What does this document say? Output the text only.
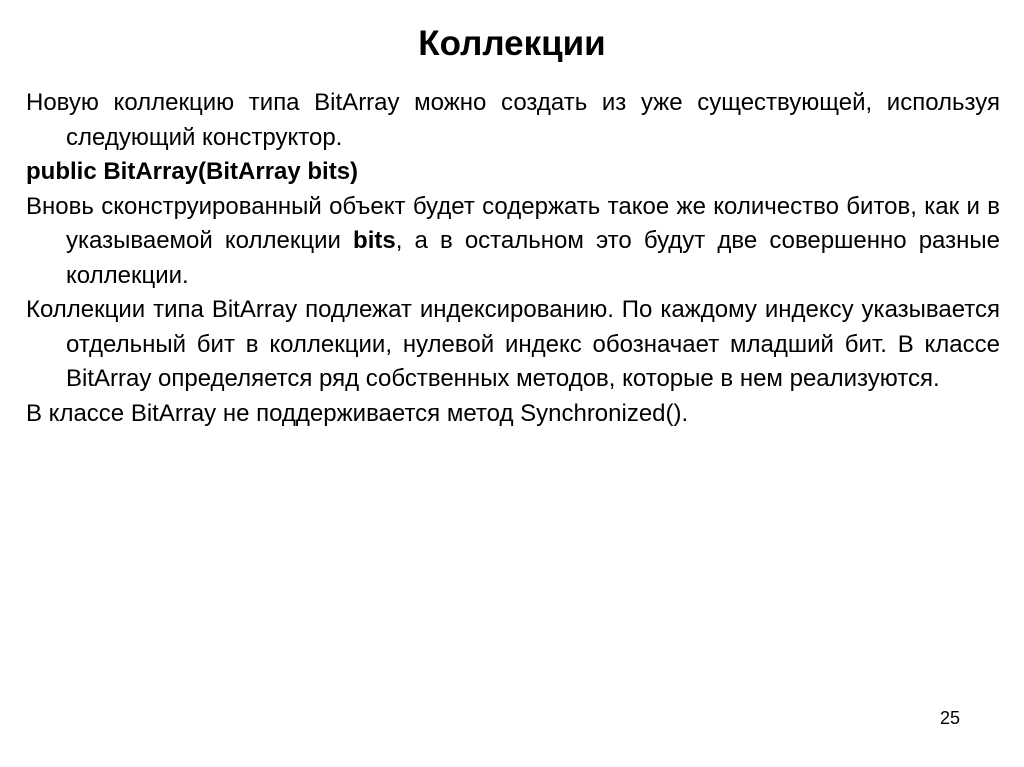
Коллекции

Новую коллекцию типа BitArray можно создать из уже существующей, используя следующий конструктор.

public BitArray(BitArray bits)

Вновь сконструированный объект будет содержать такое же количество битов, как и в указываемой коллекции bits, а в остальном это будут две совершенно разные коллекции.

Коллекции типа BitArray подлежат индексированию. По каждому индексу указывается отдельный бит в коллекции, нулевой индекс обозначает младший бит. В классе BitArray определяется ряд собственных методов, которые в нем реализуются.

В классе BitArray не поддерживается метод Synchronized().

25
